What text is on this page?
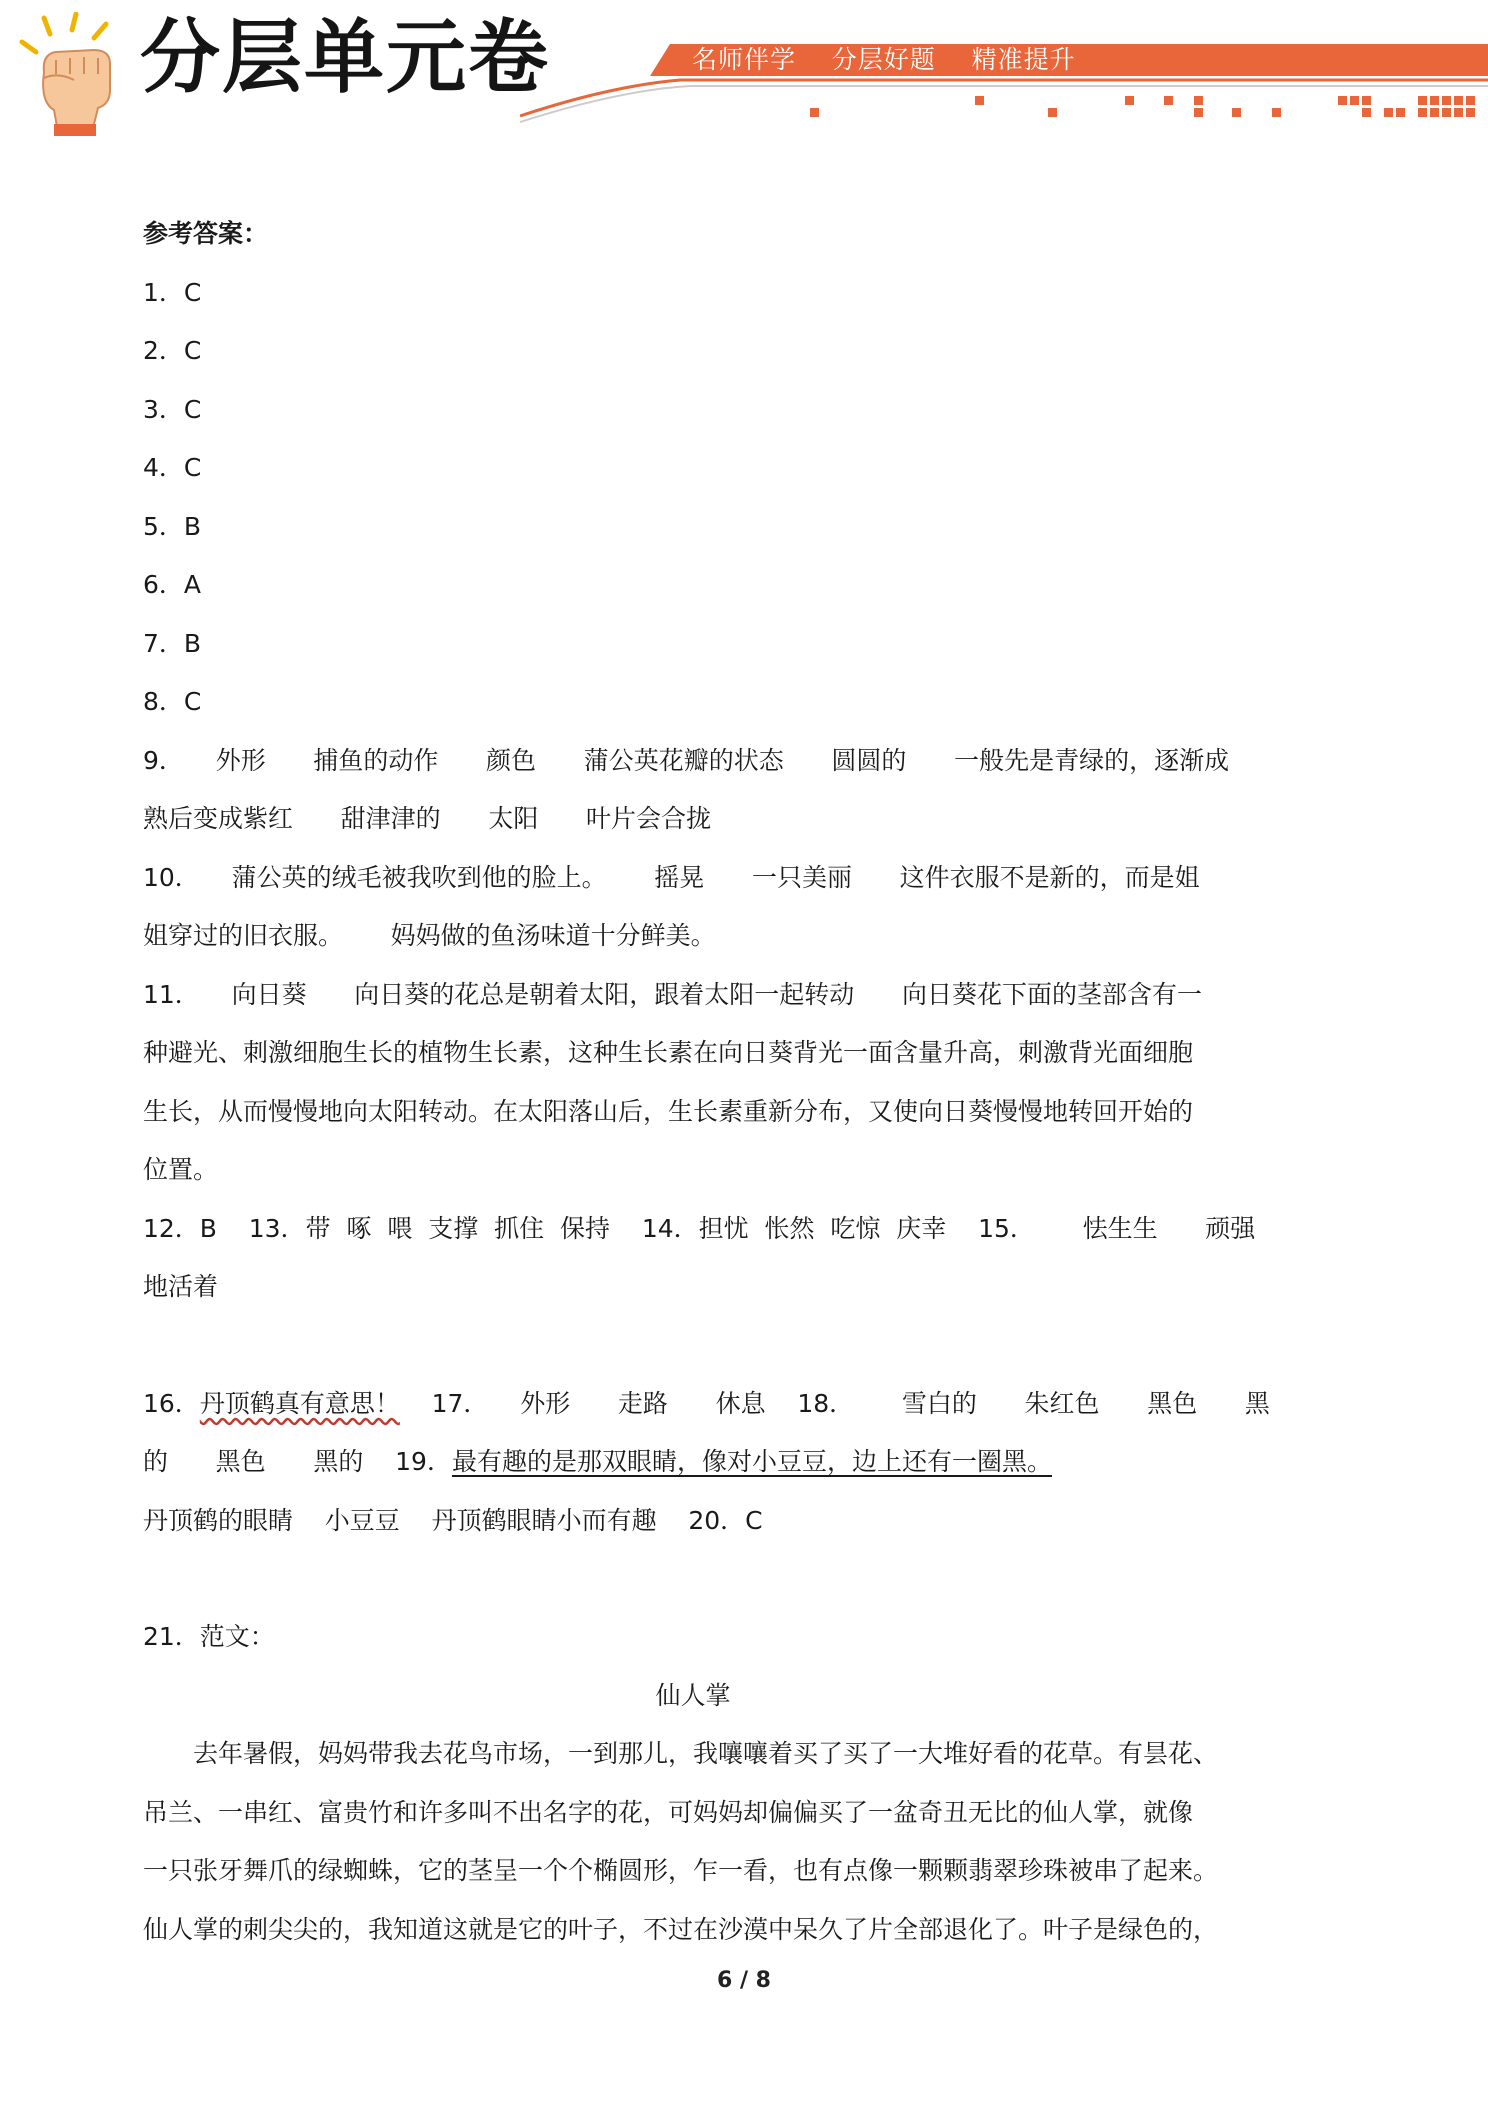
分层单元卷	名师伴学    分层好题    精准提升

参考答案：

1．C

2．C

3．C

4．C

5．B

6．A

7．B

8．C

9．    外形      捕鱼的动作      颜色      蒲公英花瓣的状态      圆圆的      一般先是青绿的，逐渐成

熟后变成紫红      甜津津的      太阳      叶片会合拢

10．    蒲公英的绒毛被我吹到他的脸上。      摇晃      一只美丽      这件衣服不是新的，而是姐

姐穿过的旧衣服。      妈妈做的鱼汤味道十分鲜美。

11．    向日葵      向日葵的花总是朝着太阳，跟着太阳一起转动      向日葵花下面的茎部含有一

种避光、刺激细胞生长的植物生长素，这种生长素在向日葵背光一面含量升高，刺激背光面细胞

生长，从而慢慢地向太阳转动。在太阳落山后，生长素重新分布，又使向日葵慢慢地转回开始的

位置。

12．B    13．带  啄  喂  支撑  抓住  保持    14．担忧  怅然  吃惊  庆幸    15．      怯生生      顽强

地活着

16．丹顶鹤真有意思！    17．    外形      走路      休息    18．      雪白的      朱红色      黑色      黑

的      黑色      黑的    19．最有趣的是那双眼睛，像对小豆豆，边上还有一圈黑。

丹顶鹤的眼睛    小豆豆    丹顶鹤眼睛小而有趣    20．C

21．范文：

仙人掌

去年暑假，妈妈带我去花鸟市场，一到那儿，我嚷嚷着买了买了一大堆好看的花草。有昙花、

吊兰、一串红、富贵竹和许多叫不出名字的花，可妈妈却偏偏买了一盆奇丑无比的仙人掌，就像

一只张牙舞爪的绿蜘蛛，它的茎呈一个个椭圆形，乍一看，也有点像一颗颗翡翠珍珠被串了起来。

仙人掌的刺尖尖的，我知道这就是它的叶子，不过在沙漠中呆久了片全部退化了。叶子是绿色的，

6 / 8
